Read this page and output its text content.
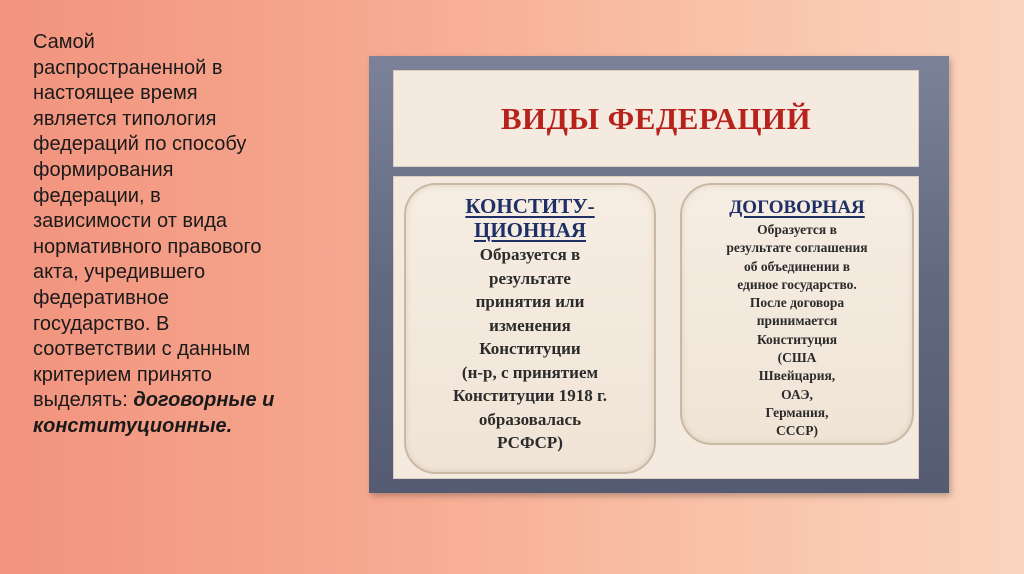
Самой
распространенной в
настоящее время
является типология
федераций по способу
формирования
федерации, в
зависимости от вида
нормативного правового
акта, учредившего
федеративное
государство. В
соответствии с данным
критерием принято
выделять: договорные и
конституционные.
ВИДЫ ФЕДЕРАЦИЙ
КОНСТИТУ-
ЦИОННАЯ
Образуется в
результате
принятия или
изменения
Конституции
(н-р, с принятием
Конституции 1918 г.
образовалась
РСФСР)
ДОГОВОРНАЯ
Образуется в
результате соглашения
об объединении в
единое государство.
После договора
принимается
Конституция
(США
Швейцария,
ОАЭ,
Германия,
СССР)
